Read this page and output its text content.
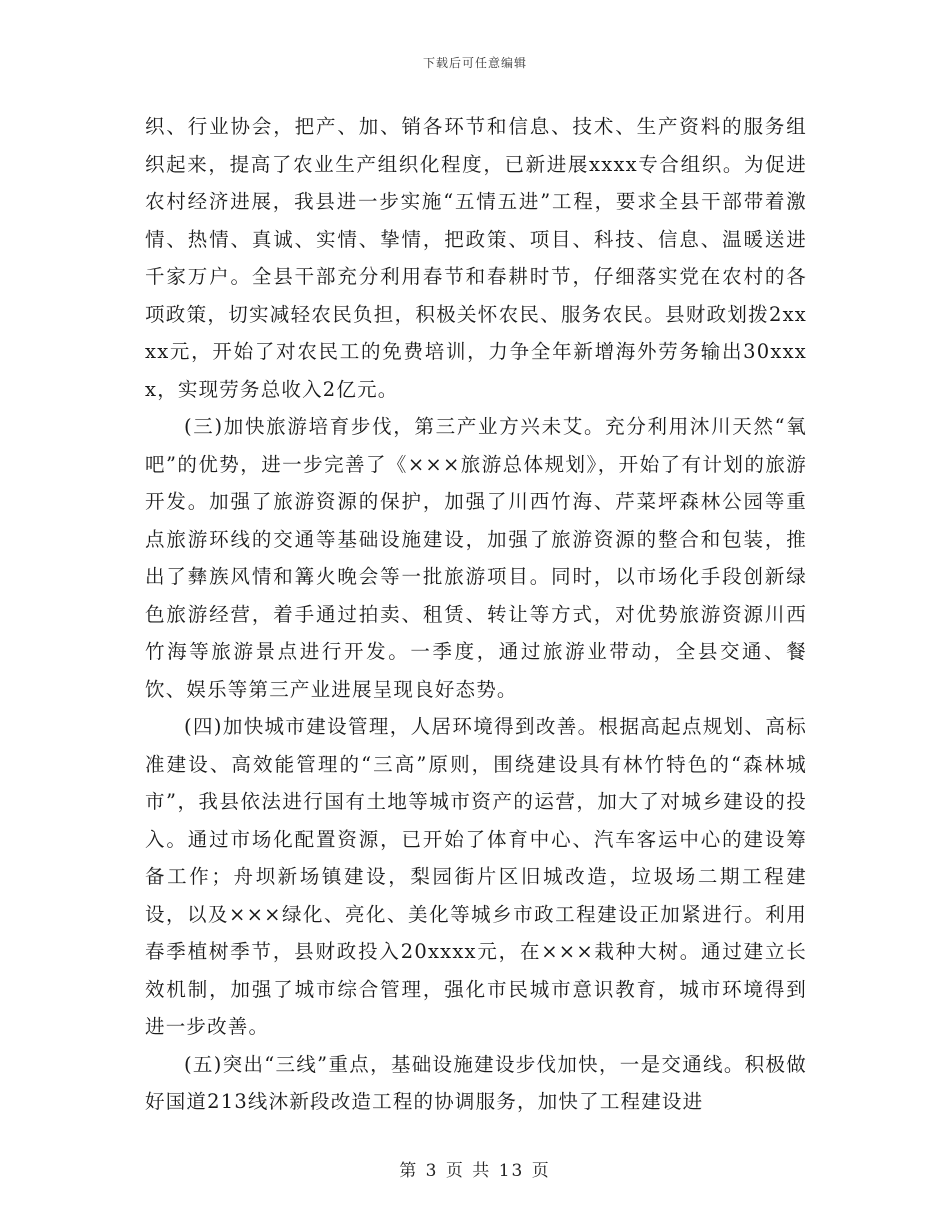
下载后可任意编辑

织、行业协会，把产、加、销各环节和信息、技术、生产资料的服务组织起来，提高了农业生产组织化程度，已新进展xxxx专合组织。为促进农村经济进展，我县进一步实施“五情五进”工程，要求全县干部带着激情、热情、真诚、实情、挚情，把政策、项目、科技、信息、温暖送进千家万户。全县干部充分利用春节和春耕时节，仔细落实党在农村的各项政策，切实减轻农民负担，积极关怀农民、服务农民。县财政划拨2xxxx元，开始了对农民工的免费培训，力争全年新增海外劳务输出30xxxx，实现劳务总收入2亿元。

(三)加快旅游培育步伐，第三产业方兴未艾。充分利用沐川天然“氧吧”的优势，进一步完善了《×××旅游总体规划》，开始了有计划的旅游开发。加强了旅游资源的保护，加强了川西竹海、芹菜坪森林公园等重点旅游环线的交通等基础设施建设，加强了旅游资源的整合和包装，推出了彝族风情和篝火晚会等一批旅游项目。同时，以市场化手段创新绿色旅游经营，着手通过拍卖、租赁、转让等方式，对优势旅游资源川西竹海等旅游景点进行开发。一季度，通过旅游业带动，全县交通、餐饮、娱乐等第三产业进展呈现良好态势。

(四)加快城市建设管理，人居环境得到改善。根据高起点规划、高标准建设、高效能管理的“三高”原则，围绕建设具有林竹特色的“森林城市”，我县依法进行国有土地等城市资产的运营，加大了对城乡建设的投入。通过市场化配置资源，已开始了体育中心、汽车客运中心的建设筹备工作；舟坝新场镇建设，梨园街片区旧城改造，垃圾场二期工程建设，以及×××绿化、亮化、美化等城乡市政工程建设正加紧进行。利用春季植树季节，县财政投入20xxxx元，在×××栽种大树。通过建立长效机制，加强了城市综合管理，强化市民城市意识教育，城市环境得到进一步改善。

(五)突出“三线”重点，基础设施建设步伐加快，一是交通线。积极做好国道213线沐新段改造工程的协调服务，加快了工程建设进

第 3 页 共 13 页
